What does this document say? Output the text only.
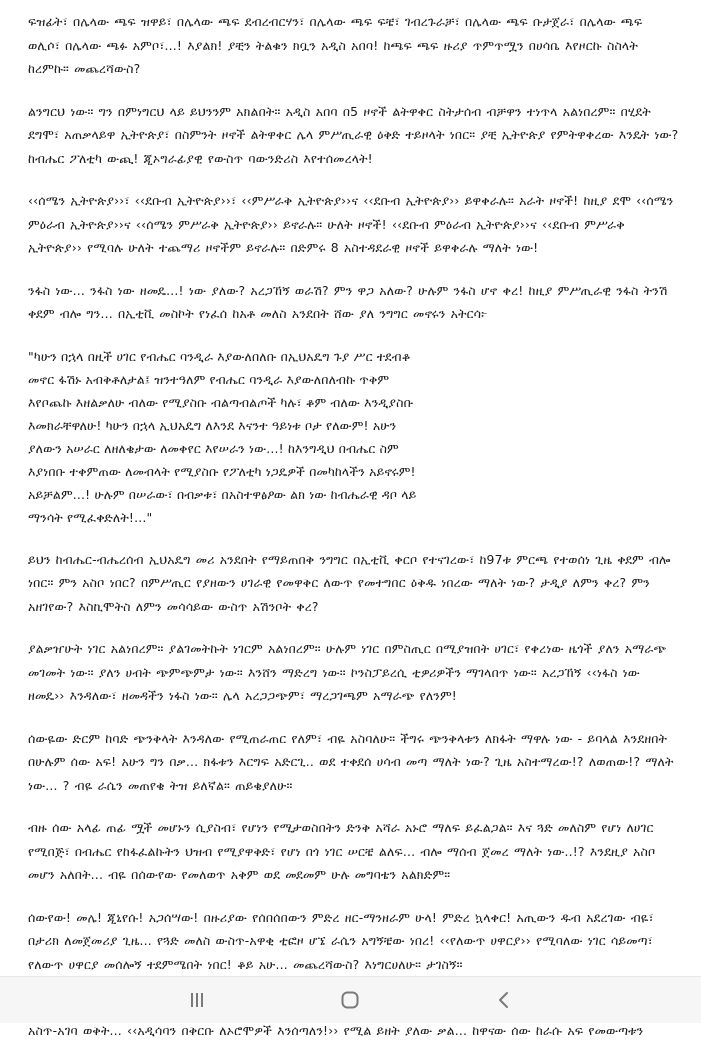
ፍዝፊት፣ በሌላው ጫፍ ዝዋይ፣ በሌላው ጫፍ ደብረብርሃን፣ በሌላው ጫፍ ፍቼ፣ ገብረጉራቻ፣ በሌላው ጫፍ ቡታጀራ፣ በሌላው ጫፍ ወሊሶ፣ በሌላው ጫፉ አምቦ፣...! እያልክ! ያቺን ትልቁን ክቧን አዲስ አበባ! ከጫፍ ጫፍ ዙሪያ ጥምጥሟን በሀሳቤ እየዞርኩ ስስላት ከረምኩ። መጨረሻውስ?

ልንግርህ ነው። ግን በምነግርህ ላይ ይህንንም አክልበት። አዲስ አበባ በ5 ዞኖች ልትዋቀር ስትታሰብ ብቻዋን ተነጥላ አልነበረም። በሂደት ደግሞ፣ አጠቃላይዋ ኢትዮጵያ፣ በስምንት ዞኖች ልትዋቀር ሌላ ምሥጢራዊ ዕቅድ ተይዞላት ነበር። ያቺ ኢትዮጵያ የምትዋቀረው እንዴት ነው? ከብሔር ፖለቲካ ውጪ! ጂኦግራፊያዊ የውስጥ ባውንድሪስ እየተሰመረላት!

‹‹ሰሜን ኢትዮጵያ››፣ ‹‹ደቡብ ኢትዮጵያ››፣ ‹‹ምሥራቅ ኢትዮጵያ››ና ‹‹ደቡብ ኢትዮጵያ›› ይዋቀራሉ። አራት ዞኖች! ከዚያ ደሞ ‹‹ሰሜን ምዕራብ ኢትዮጵያ››ና ‹‹ሰሜን ምሥራቅ ኢትዮጵያ›› ይኖራሉ። ሁለት ዞኖች! ‹‹ደቡብ ምዕራብ ኢትዮጵያ››ና ‹‹ደቡብ ምሥራቅ ኢትዮጵያ›› የሚባሉ ሁለት ተጨማሪ ዞኖችም ይኖራሉ። በድምሩ 8 አስተዳደራዊ ዞኖች ይዋቀራሉ ማለት ነው!

ንፋስ ነው... ንፋስ ነው ዘመዴ...! ነው ያለው? አረጋኸኝ ወራሽ? ምን ዋጋ አለው? ሁሉም ንፋስ ሆኖ ቀረ! ከዚያ ምሥጢራዊ ንፋስ ትንሽ ቀደም ብሎ ግን... በኢቲቪ መስኮት የነፈሰ ከአቶ መለስ አንደበት ሸው ያለ ንግግር መኖሩን አትርሳ፦

"ካሁን በኋላ በዚች ሀገር የብሔር ባንዲራ እያውለበለቡ በኢህአዴግ ጉያ ሥር ተደብቆ መኖር ፋሽኑ አብቅቶለታል፤ ዝንተዓለም የብሔር ባንዲራ እያውለበለብኩ ጥቅም እየቦጨኩ እዘልቃለሁ ብለው የሚያስቡ ብልጣብልጦች ካሉ፣ ቆም ብለው እንዲያስቡ እመክራቸዋለሁ! ካሁን በኋላ ኢህአዴግ ለእንደ እናንተ ዓይነቱ ቦታ የለውም! አሁን ያለውን አሠራር ለዘለቄታው ለመቀየር እየሠራን ነው...! ከእንግዲህ በብሔር ስም እያነበቡ ተቀምጠው ለመብላት የሚያስቡ የፖለቲካ ነጋዴዎች በመካከላችን አይኖሩም! አይቻልም...! ሁሉም በሠራው፣ በብቃቱ፣ በአስተዋፅዖው ልክ ነው ከብሔራዊ ዳቦ ላይ ማንሳት የሚፈቀድለት!..."

ይህን ከብሔር-ብሔረሰብ ኢህአዴግ መሪ አንደበት የማይጠበቅ ንግግር በኢቲቪ ቀርቦ የተናገረው፣ ከ97ቱ ምርጫ የተወሰነ ጊዜ ቀደም ብሎ ነበር። ምን አስቦ ነበር? በምሥጢር የያዘውን ሀገራዊ የመዋቅር ለውጥ የመተግበር ዕቅዱ ነበረው ማለት ነው? ታዲያ ለምን ቀረ? ምን አዘገየው? እስኪሞትስ ለምን መሳሳይው ውስጥ አሽንቦት ቀረ?

ያልቃዠሁት ነገር አልነበረም። ያልገመትኩት ነገርም አልነበረም። ሁሉም ነገር በምስጢር በሚያዝበት ሀገር፣ የቀረነው ዜጎች ያለን አማራጭ መገመት ነው። ያለን ሀብት ጭምጭምታ ነው። እንሸን ማድረግ ነው። ኮንስፓይረሲ ቲዎሪዎችን ማገላበጥ ነው። አረጋኸኝ ‹‹ነፋስ ነው ዘመዴ›› እንዳለው፣ ዘመዳችን ነፋስ ነው። ሌላ አረጋጋጭም፣ ማረጋገጫም አማራጭ የለንም!

ሰውዬው ድርም ከባድ ጭንቅላት እንዳለው የሚጠራጠር የለም፣ ብዬ አስባለሁ። ችግሩ ጭንቅላቱን ለክፋት ማዋሉ ነው - ይባላል እንደዘበት በሁሉም ሰው አፍ! አሁን ግን በቃ... ክፋቱን እርግፍ አድርጊ.. ወደ ተቀደሰ ሀሳብ መጣ ማለት ነው? ጊዜ አስተማረው!? ለወጠው!? ማለት ነው... ? ብዬ ራሴን መጠየቄ ትዝ ይለኛል። ጠይቄያለሁ።

ብዙ ሰው አላፊ ጠፊ ሟች መሆኑን ሲያስብ፣ የሆነን የሚታወስበትን ድንቅ አሻራ አኑሮ ማለፍ ይፈልጋል። እና ጓድ መለስም የሆነ ለሀገር የሚበጅ፣ በብሔር የከፋፈልኩትን ህዝብ የሚያዋቅድ፣ የሆነ በጎ ነገር ሠርቼ ልለፍ... ብሎ ማሰብ ጀመረ ማለት ነው..!? እንደዚያ አስቦ መሆን አለበት... ብዬ በሰውየው የመለወጥ አቅም ወደ መደመም ሁሉ መግባቴን አልክድም።

ሰውየው! መሌ! ጂኒየሱ! አጋሰሣው! በዙሪያው የሰበሰበውን ምድረ ዘር-ማንዘራም ሁላ! ምድረ ኳላቀር! አጢውን ዱብ አደረገው ብዬ፣ በታሪክ ለመጀመሪያ ጊዜ... የጓድ መለስ ውስጥ-አዋቂ ቲፎዞ ሆኜ ራሴን አግኝቼው ነበረ! ‹‹የለውጥ ሀዋርያ›› የሚባለው ነገር ሳይመጣ፣ የለውጥ ሀዋርያ መሰሎኝ ተደምሜበት ነበር! ቆይ አሁ... መጨረሻውስ? እነግርሀለሁ። ታገስኝ።

አስጥ-አገባ ወቅት... ‹‹አዲሳባን በቅርቡ ለኦሮሞዎች እንሰጣለን!›› የሚል ይዘት ያለው ቃል... ከዋናው ሰው ከራሱ አፍ የመውጣቱን
